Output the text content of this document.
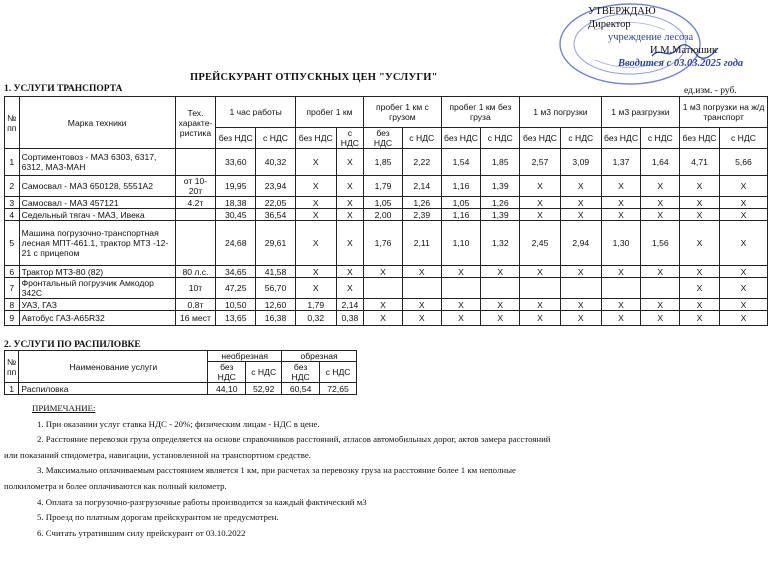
УТВЕРЖДАЮ
Директор
учреждение лесоза
И.М.Матюшик
Вводится с 03.03.2025 года
ПРЕЙСКУРАНТ ОТПУСКНЫХ ЦЕН "УСЛУГИ"
1. УСЛУГИ ТРАНСПОРТА	ед.изм. - руб.
№ пп	Марка техники	Тех. характе-ристика	1 час работы		пробег 1 км		пробег 1 км с грузом		пробег 1 км без груза		1 м3 погрузки		1 м3 разгрузки		1 м3 погрузки на ж/д транспорт	
			без НДС	с НДС	без НДС	с НДС	без НДС	с НДС	без НДС	с НДС	без НДС	с НДС	без НДС	с НДС	без НДС	с НДС
1	Сортиментовоз - МАЗ 6303, 6317, 6312, МАЗ-МАН		33,60	40,32	X	X	1,85	2,22	1,54	1,85	2,57	3,09	1,37	1,64	4,71	5,66
2	Самосвал - МАЗ 650128, 5551А2	от 10-20т	19,95	23,94	X	X	1,79	2,14	1,16	1,39	X	X	X	X	X	X
3	Самосвал - МАЗ 457121	4.2т	18,38	22,05	X	X	1,05	1,26	1,05	1,26	X	X	X	X	X	X
4	Седельный тягач - МАЗ, Ивека		30,45	36,54	X	X	2,00	2,39	1,16	1,39	X	X	X	X	X	X
5	Машина погрузочно-транспортная лесная МПТ-461.1, трактор МТЗ -12-21 с прицепом		24,68	29,61	X	X	1,76	2,11	1,10	1,32	2,45	2,94	1,30	1,56	X	X
6	Трактор МТЗ-80 (82)	80 л.с.	34,65	41,58	X	X	X	X	X	X	X	X	X	X	X	X
7	Фронтальный погрузчик Амкодор 342С	10т	47,25	56,70	X	X									X	X
8	УАЗ, ГАЗ	0.8т	10,50	12,60	1,79	2,14	X	X	X	X	X	X	X	X	X	X
9	Автобус ГАЗ-А65R32	16 мест	13,65	16,38	0,32	0,38	X	X	X	X	X	X	X	X	X	X
2. УСЛУГИ ПО РАСПИЛОВКЕ
№ пп	Наименование услуги	необрезная		обрезная	
		без НДС	с НДС	без НДС	с НДС
1	Распиловка	44,10	52,92	60,54	72,65
ПРИМЕЧАНИЕ:
1. При оказании услуг ставка НДС - 20%; физическим лицам - НДС в цене.
2. Расстояние перевозки груза определяется на основе справочников расстояний, атласов автомобильных дорог, актов замера расстояний
или показаний спидометра, навигации, установленной на транспортном средстве.
3. Максимально оплачиваемым расстоянием является 1 км, при расчетах за перевозку груза на расстояние более 1 км неполные
полкилометра и более оплачиваются как полный километр.
4. Оплата за погрузочно-разгрузочные работы производится за каждый фактический м3
5. Проезд по платным дорогам прейскурантом не предусмотрен.
6. Считать утратившим силу прейскурант от 03.10.2022
